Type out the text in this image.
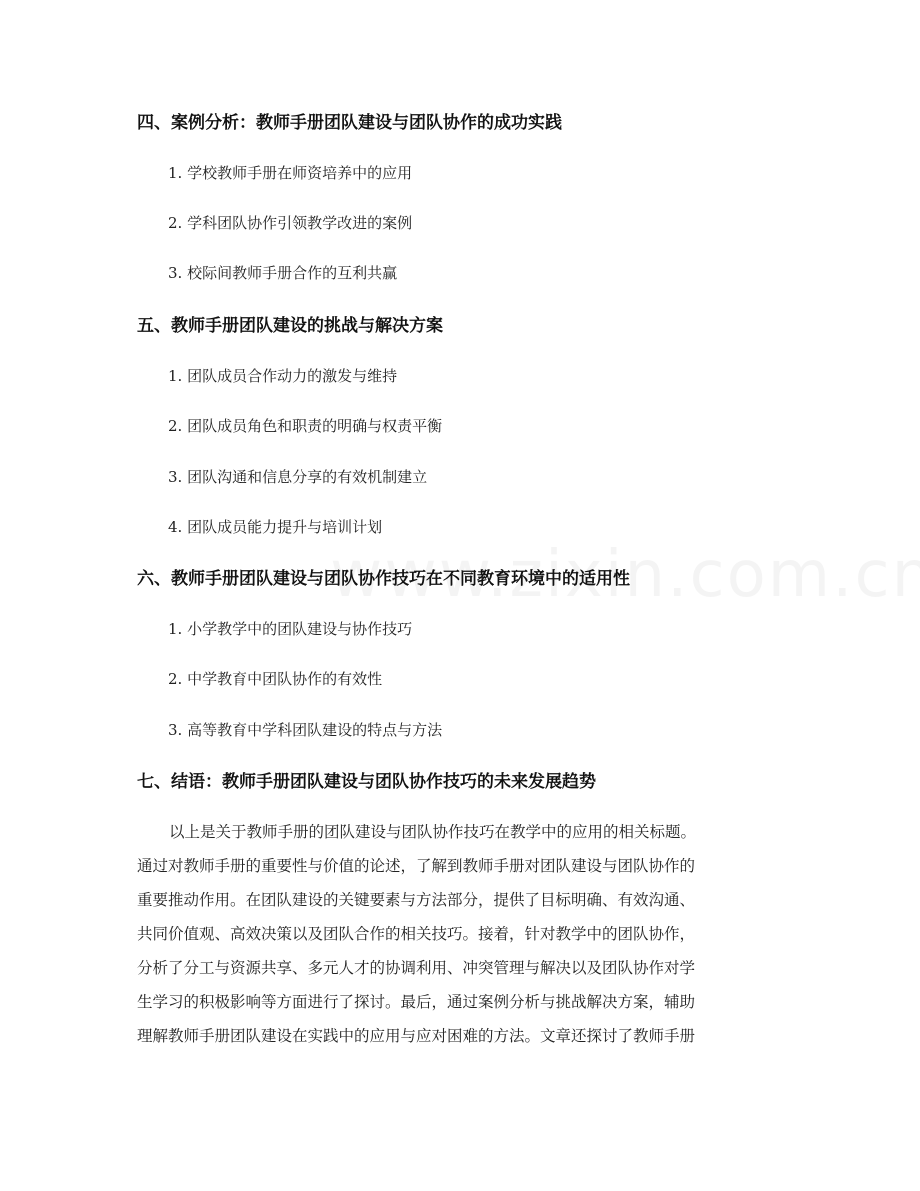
四、案例分析：教师手册团队建设与团队协作的成功实践
1. 学校教师手册在师资培养中的应用
2. 学科团队协作引领教学改进的案例
3. 校际间教师手册合作的互利共赢
五、教师手册团队建设的挑战与解决方案
1. 团队成员合作动力的激发与维持
2. 团队成员角色和职责的明确与权责平衡
3. 团队沟通和信息分享的有效机制建立
4. 团队成员能力提升与培训计划
六、教师手册团队建设与团队协作技巧在不同教育环境中的适用性
1. 小学教学中的团队建设与协作技巧
2. 中学教育中团队协作的有效性
3. 高等教育中学科团队建设的特点与方法
七、结语：教师手册团队建设与团队协作技巧的未来发展趋势
以上是关于教师手册的团队建设与团队协作技巧在教学中的应用的相关标题。
通过对教师手册的重要性与价值的论述，了解到教师手册对团队建设与团队协作的
重要推动作用。在团队建设的关键要素与方法部分，提供了目标明确、有效沟通、
共同价值观、高效决策以及团队合作的相关技巧。接着，针对教学中的团队协作，
分析了分工与资源共享、多元人才的协调利用、冲突管理与解决以及团队协作对学
生学习的积极影响等方面进行了探讨。最后，通过案例分析与挑战解决方案，辅助
理解教师手册团队建设在实践中的应用与应对困难的方法。文章还探讨了教师手册
